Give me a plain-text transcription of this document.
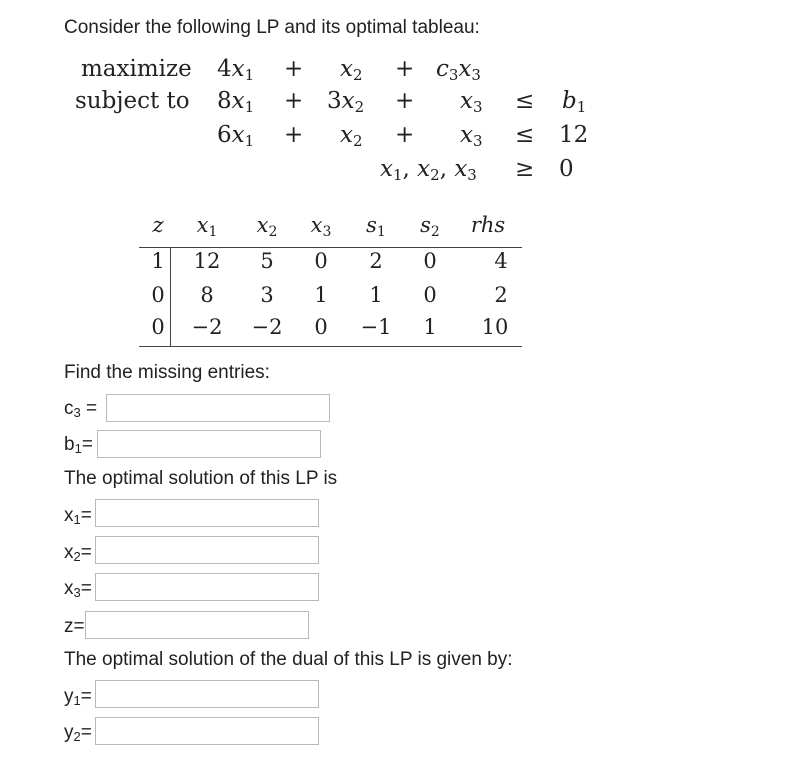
Consider the following LP and its optimal tableau:
maximize
subject to
$4x_1 + x_2 + c_3x_3$
$8x_1 + 3x_2 + x_3 \le b_1$
$6x_1 + x_2 + x_3 \le 12$
$x_1$, $x_2$, $x_3 \ge 0$
z $x_1$ $x_2$ $x_3$ $s_1$ $s_2$ rhs
1 12 5 0 2 0	4
0 8 3 1 1 0	2
0 −2 −2 0 −1 1 10
Find the missing entries:
$c_3$ =
$b_1=$
The optimal solution of this LP is
$x_1=$
$x_2=$
$x_3=$
z=
The optimal solution of the dual of this LP is given by:
$y_1=$
$y_2=$
